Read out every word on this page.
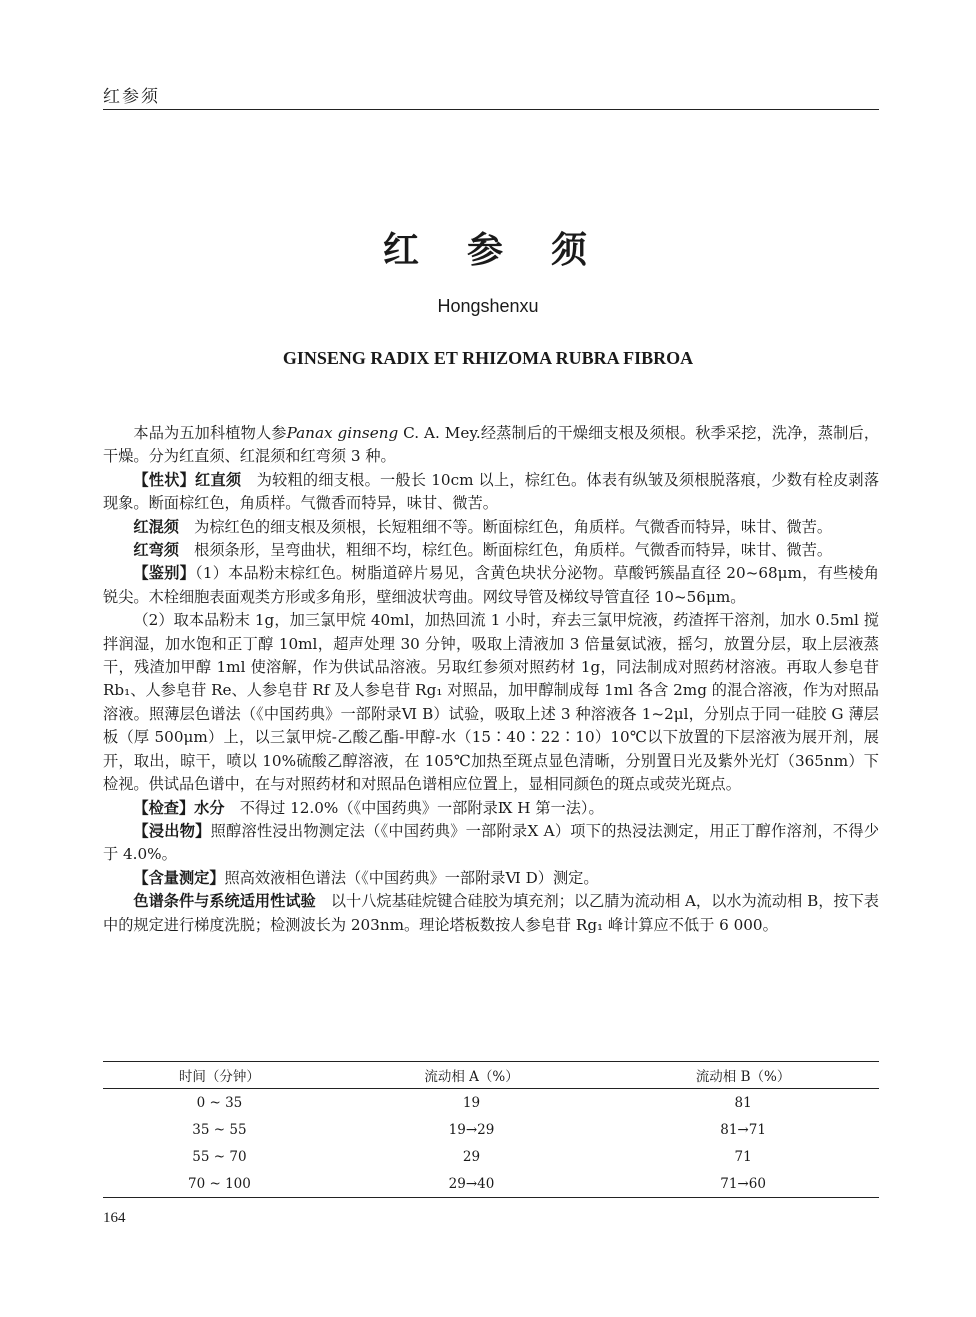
红参须
红　参　须
Hongshenxu
GINSENG RADIX ET RHIZOMA RUBRA FIBROA

本品为五加科植物人参Panax ginseng C. A. Mey.经蒸制后的干燥细支根及须根。秋季采挖，洗净，蒸制后，干燥。分为红直须、红混须和红弯须 3 种。

【性状】红直须　为较粗的细支根。一般长 10cm 以上，棕红色。体表有纵皱及须根脱落痕，少数有栓皮剥落现象。断面棕红色，角质样。气微香而特异，味甘、微苦。

红混须　为棕红色的细支根及须根，长短粗细不等。断面棕红色，角质样。气微香而特异，味甘、微苦。

红弯须　根须条形，呈弯曲状，粗细不均，棕红色。断面棕红色，角质样。气微香而特异，味甘、微苦。

【鉴别】（1）本品粉末棕红色。树脂道碎片易见，含黄色块状分泌物。草酸钙簇晶直径 20~68μm，有些棱角锐尖。木栓细胞表面观类方形或多角形，壁细波状弯曲。网纹导管及梯纹导管直径 10~56μm。

（2）取本品粉末 1g，加三氯甲烷 40ml，加热回流 1 小时，弃去三氯甲烷液，药渣挥干溶剂，加水 0.5ml 搅拌润湿，加水饱和正丁醇 10ml，超声处理 30 分钟，吸取上清液加 3 倍量氨试液，摇匀，放置分层，取上层液蒸干，残渣加甲醇 1ml 使溶解，作为供试品溶液。另取红参须对照药材 1g，同法制成对照药材溶液。再取人参皂苷 Rb₁、人参皂苷 Re、人参皂苷 Rf 及人参皂苷 Rg₁ 对照品，加甲醇制成每 1ml 各含 2mg 的混合溶液，作为对照品溶液。照薄层色谱法（《中国药典》一部附录Ⅵ B）试验，吸取上述 3 种溶液各 1~2μl，分别点于同一硅胶 G 薄层板（厚 500μm）上，以三氯甲烷-乙酸乙酯-甲醇-水（15∶40∶22∶10）10℃以下放置的下层溶液为展开剂，展开，取出，晾干，喷以 10%硫酸乙醇溶液，在 105℃加热至斑点显色清晰，分别置日光及紫外光灯（365nm）下检视。供试品色谱中，在与对照药材和对照品色谱相应位置上，显相同颜色的斑点或荧光斑点。

【检查】水分　不得过 12.0%（《中国药典》一部附录Ⅸ H 第一法）。

【浸出物】照醇溶性浸出物测定法（《中国药典》一部附录Ⅹ A）项下的热浸法测定，用正丁醇作溶剂，不得少于 4.0%。

【含量测定】照高效液相色谱法（《中国药典》一部附录Ⅵ D）测定。

色谱条件与系统适用性试验　以十八烷基硅烷键合硅胶为填充剂；以乙腈为流动相 A，以水为流动相 B，按下表中的规定进行梯度洗脱；检测波长为 203nm。理论塔板数按人参皂苷 Rg₁ 峰计算应不低于 6 000。

时间（分钟）	流动相 A（%）	流动相 B（%）
0 ~ 35	19	81
35 ~ 55	19→29	81→71
55 ~ 70	29	71
70 ~ 100	29→40	71→60
164
